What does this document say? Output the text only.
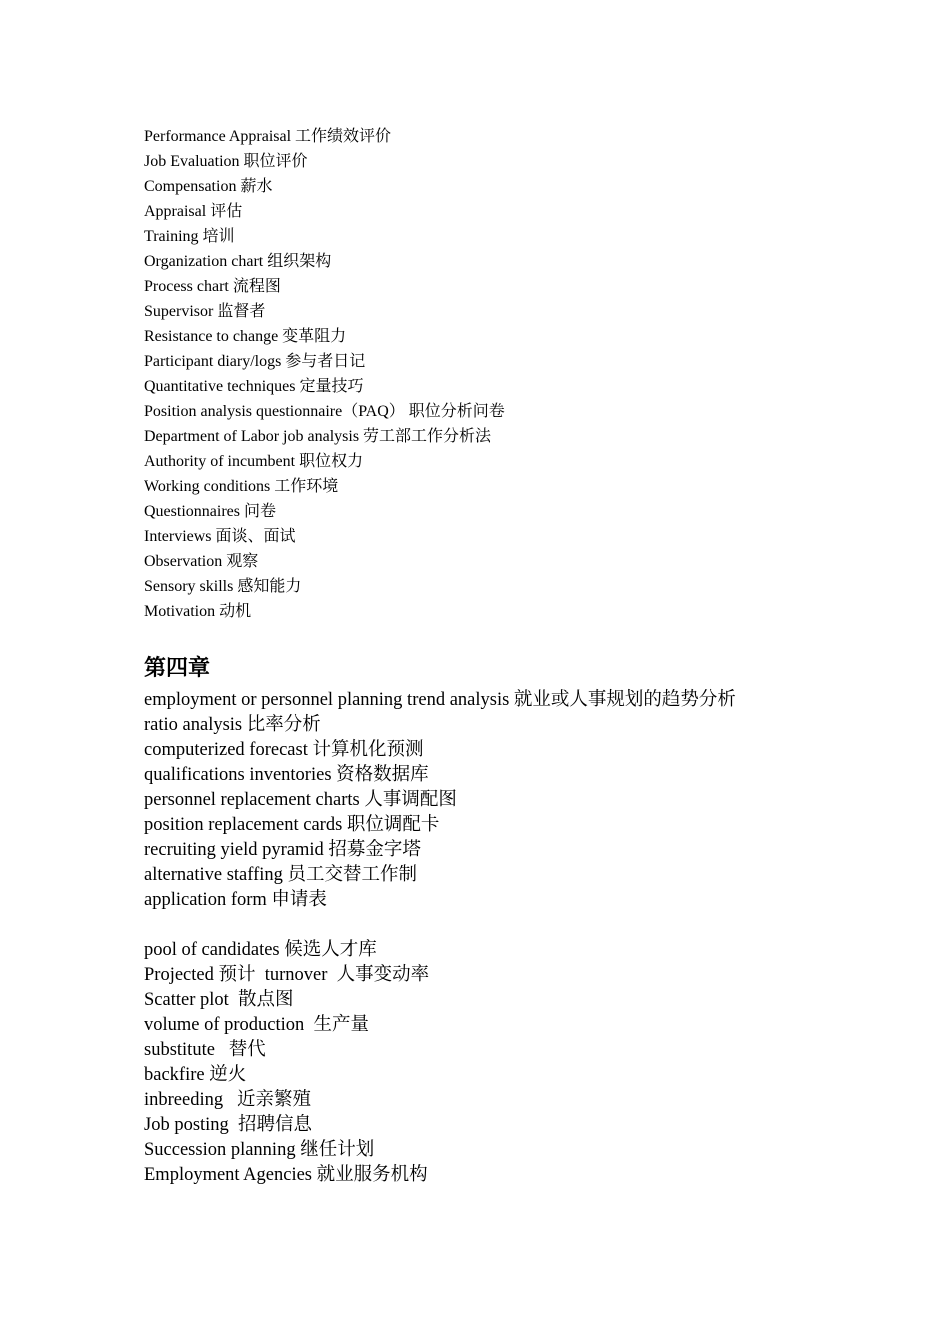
Performance Appraisal 工作绩效评价
Job Evaluation 职位评价
Compensation 薪水
Appraisal 评估
Training 培训
Organization chart 组织架构
Process chart 流程图
Supervisor 监督者
Resistance to change 变革阻力
Participant diary/logs 参与者日记
Quantitative techniques 定量技巧
Position analysis questionnaire（PAQ） 职位分析问卷
Department of Labor job analysis 劳工部工作分析法
Authority of incumbent 职位权力
Working conditions 工作环境
Questionnaires 问卷
Interviews 面谈、面试
Observation 观察
Sensory skills 感知能力
Motivation 动机
第四章
employment or personnel planning trend analysis 就业或人事规划的趋势分析
ratio analysis 比率分析
computerized forecast 计算机化预测
qualifications inventories 资格数据库
personnel replacement charts 人事调配图
position replacement cards 职位调配卡
recruiting yield pyramid 招募金字塔
alternative staffing 员工交替工作制
application form 申请表
pool of candidates 候选人才库
Projected 预计  turnover  人事变动率
Scatter plot  散点图
volume of production  生产量
substitute   替代
backfire 逆火
inbreeding   近亲繁殖
Job posting  招聘信息
Succession planning 继任计划
Employment Agencies 就业服务机构
